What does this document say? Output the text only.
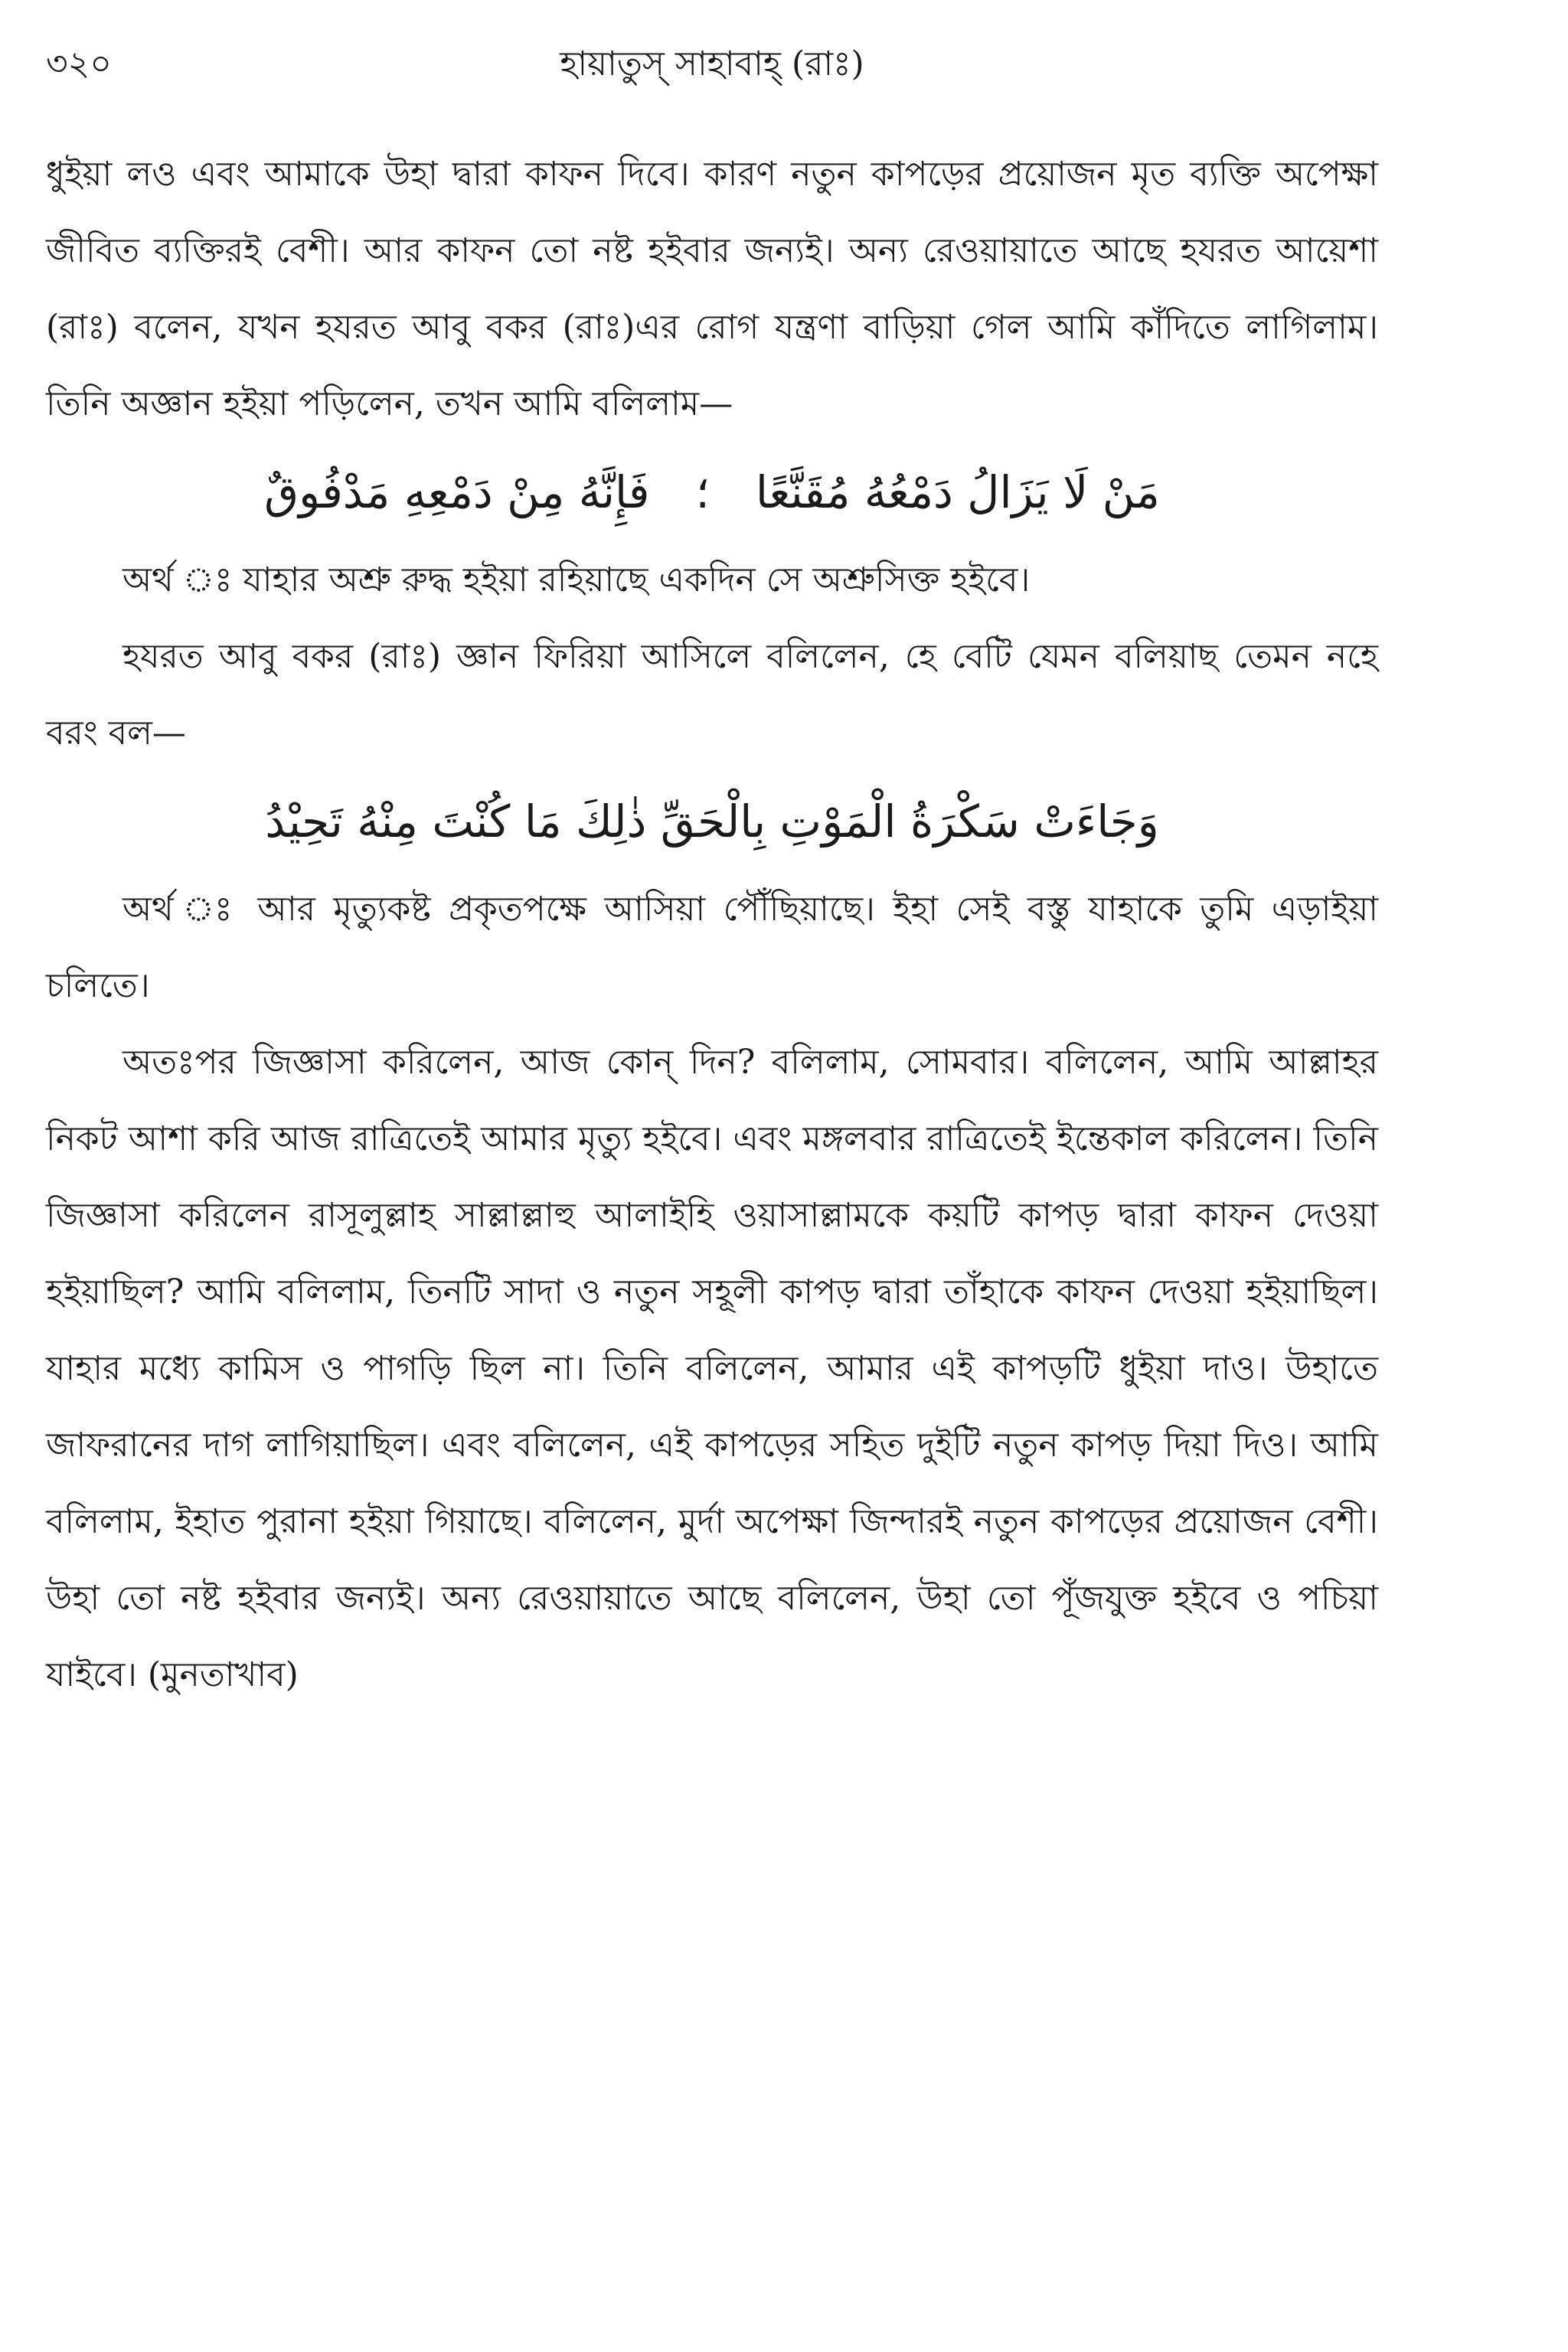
৩২০	হায়াতুস্ সাহাবাহ্ (রাঃ)

ধুইয়া লও এবং আমাকে উহা দ্বারা কাফন দিবে। কারণ নতুন কাপড়ের প্রয়োজন মৃত ব্যক্তি অপেক্ষা জীবিত ব্যক্তিরই বেশী। আর কাফন তো নষ্ট হইবার জন্যই। অন্য রেওয়ায়াতে আছে হযরত আয়েশা (রাঃ) বলেন, যখন হযরত আবু বকর (রাঃ)এর রোগ যন্ত্রণা বাড়িয়া গেল আমি কাঁদিতে লাগিলাম। তিনি অজ্ঞান হইয়া পড়িলেন, তখন আমি বলিলাম—

مَنْ لَا يَزَالُ دَمْعُهُ مُقَنَّعًا؛فَإِنَّهُ مِنْ دَمْعِهِ مَدْفُوقٌ

অর্থ ঃ যাহার অশ্রু রুদ্ধ হইয়া রহিয়াছে একদিন সে অশ্রুসিক্ত হইবে।

হযরত আবু বকর (রাঃ) জ্ঞান ফিরিয়া আসিলে বলিলেন, হে বেটি যেমন বলিয়াছ তেমন নহে বরং বল—

وَجَاءَتْ سَكْرَةُ الْمَوْتِ بِالْحَقِّ ذٰلِكَ مَا كُنْتَ مِنْهُ تَحِيْدُ

অর্থ ঃ আর মৃত্যুকষ্ট প্রকৃতপক্ষে আসিয়া পৌঁছিয়াছে। ইহা সেই বস্তু যাহাকে তুমি এড়াইয়া চলিতে।

অতঃপর জিজ্ঞাসা করিলেন, আজ কোন্ দিন? বলিলাম, সোমবার। বলিলেন, আমি আল্লাহর নিকট আশা করি আজ রাত্রিতেই আমার মৃত্যু হইবে। এবং মঙ্গলবার রাত্রিতেই ইন্তেকাল করিলেন। তিনি জিজ্ঞাসা করিলেন রাসূলুল্লাহ সাল্লাল্লাহু আলাইহি ওয়াসাল্লামকে কয়টি কাপড় দ্বারা কাফন দেওয়া হইয়াছিল? আমি বলিলাম, তিনটি সাদা ও নতুন সহূলী কাপড় দ্বারা তাঁহাকে কাফন দেওয়া হইয়াছিল। যাহার মধ্যে কামিস ও পাগড়ি ছিল না। তিনি বলিলেন, আমার এই কাপড়টি ধুইয়া দাও। উহাতে জাফরানের দাগ লাগিয়াছিল। এবং বলিলেন, এই কাপড়ের সহিত দুইটি নতুন কাপড় দিয়া দিও। আমি বলিলাম, ইহাত পুরানা হইয়া গিয়াছে। বলিলেন, মুর্দা অপেক্ষা জিন্দারই নতুন কাপড়ের প্রয়োজন বেশী। উহা তো নষ্ট হইবার জন্যই। অন্য রেওয়ায়াতে আছে বলিলেন, উহা তো পূঁজযুক্ত হইবে ও পচিয়া যাইবে। (মুনতাখাব)
